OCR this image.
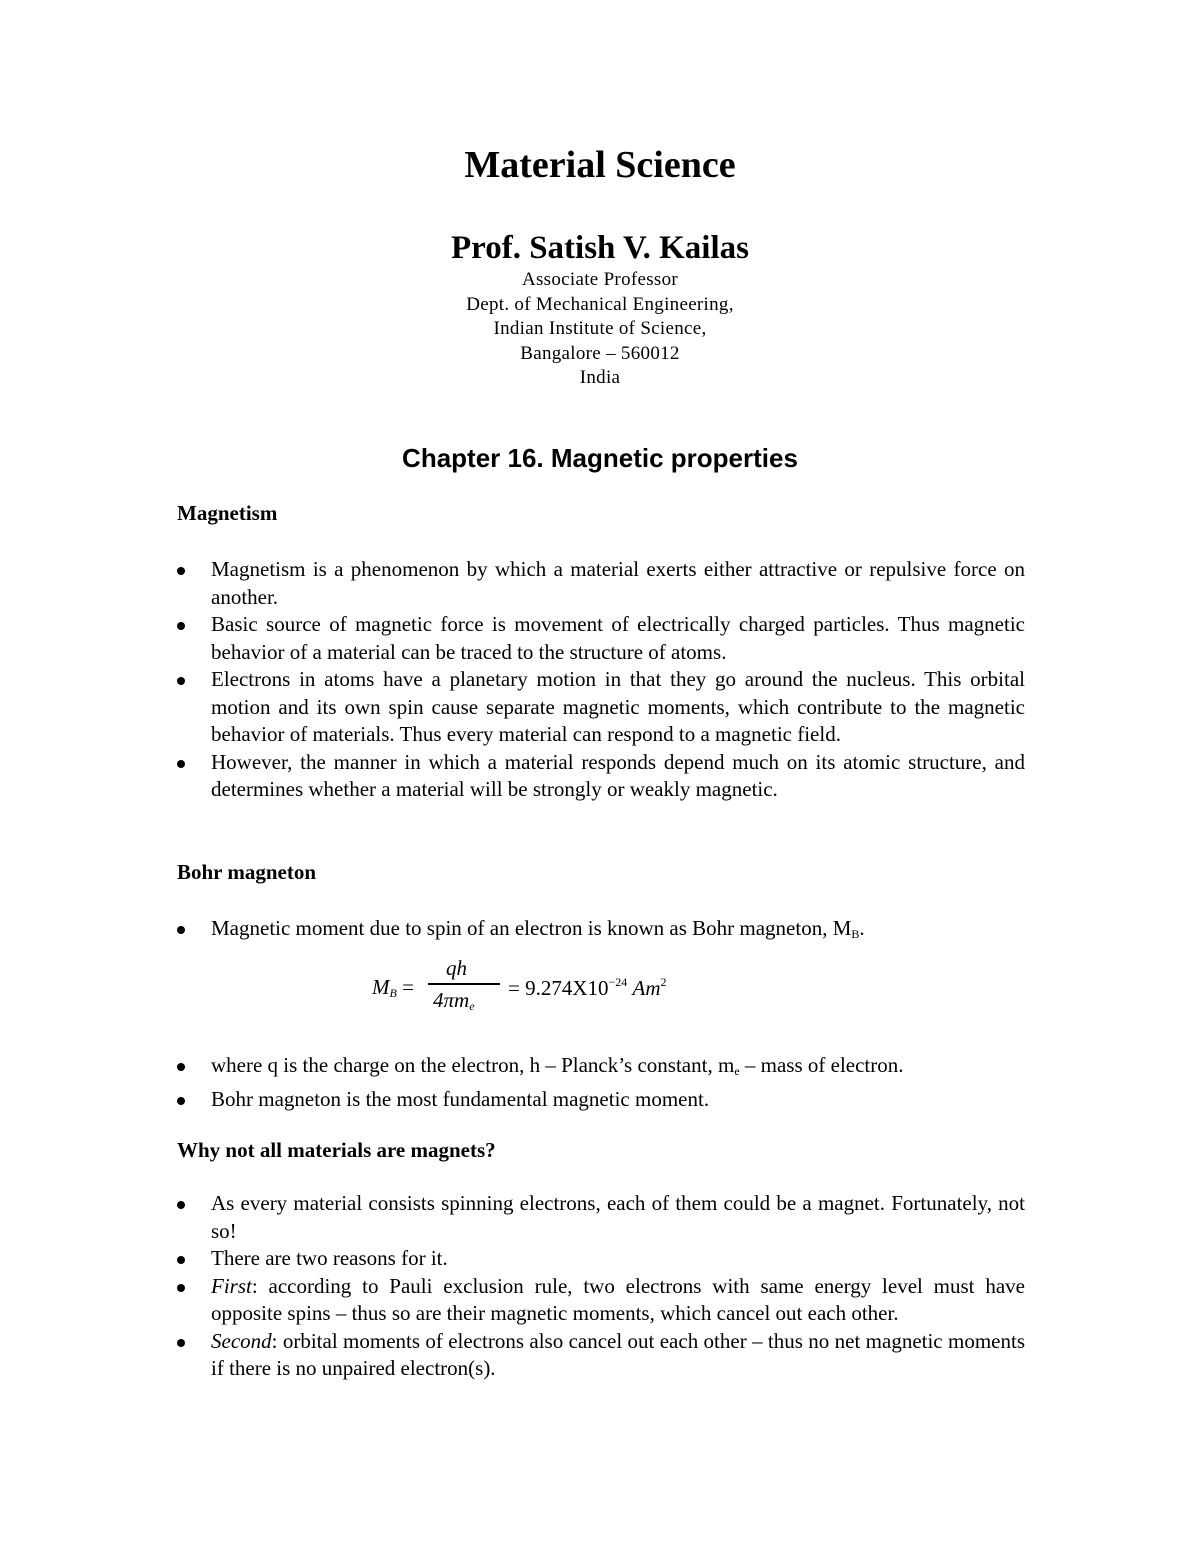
Material Science
Prof. Satish V. Kailas
Associate Professor
Dept. of Mechanical Engineering,
Indian Institute of Science,
Bangalore – 560012
India
Chapter 16. Magnetic properties
Magnetism
Magnetism is a phenomenon by which a material exerts either attractive or repulsive force on another.
Basic source of magnetic force is movement of electrically charged particles. Thus magnetic behavior of a material can be traced to the structure of atoms.
Electrons in atoms have a planetary motion in that they go around the nucleus. This orbital motion and its own spin cause separate magnetic moments, which contribute to the magnetic behavior of materials. Thus every material can respond to a magnetic field.
However, the manner in which a material responds depend much on its atomic structure, and determines whether a material will be strongly or weakly magnetic.
Bohr magneton
Magnetic moment due to spin of an electron is known as Bohr magneton, $M_B$.
$M_B$ =
qh
$4\pi m_e$
= $9.274X10^{-24}$ Am$^2$
where q is the charge on the electron, h – Planck’s constant, $m_e$ – mass of electron.
Bohr magneton is the most fundamental magnetic moment.
Why not all materials are magnets?
As every material consists spinning electrons, each of them could be a magnet. Fortunately, not so!
There are two reasons for it.
First: according to Pauli exclusion rule, two electrons with same energy level must have opposite spins – thus so are their magnetic moments, which cancel out each other.
Second: orbital moments of electrons also cancel out each other – thus no net magnetic moments if there is no unpaired electron(s).
